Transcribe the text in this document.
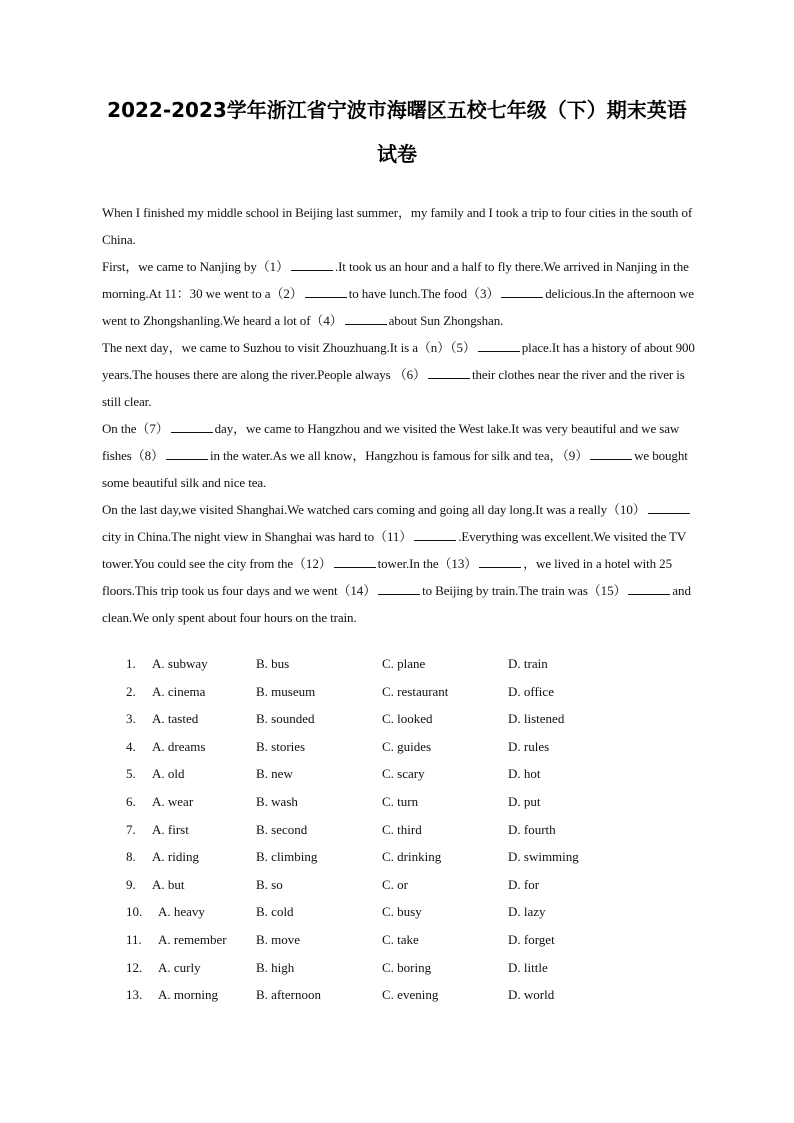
2022-2023学年浙江省宁波市海曙区五校七年级（下）期末英语
试卷

When I finished my middle school in Beijing last summer，my family and I took a trip to four cities in the south of China.

First，we came to Nanjing by（1）	.It took us an hour and a half to fly there.We arrived in Nanjing in the morning.At 11：30 we went to a（2）	to have lunch.The food（3）	delicious.In the afternoon we went to Zhongshanling.We heard a lot of（4）	about Sun Zhongshan.

The next day，we came to Suzhou to visit Zhouzhuang.It is a（n）（5）	place.It has a history of about 900 years.The houses there are along the river.People always （6）	their clothes near the river and the river is still clear.

On the（7）	day，we came to Hangzhou and we visited the West lake.It was very beautiful and we saw fishes（8）	in the water.As we all know，Hangzhou is famous for silk and tea，（9）	we bought some beautiful silk and nice tea.

On the last day,we visited Shanghai.We watched cars coming and going all day long.It was a really（10）city in China.The night view in Shanghai was hard to（11）	.Everything was excellent.We visited the TV tower.You could see the city from the（12）	tower.In the（13）	，we lived in a hotel with 25 floors.This trip took us four days and we went（14）	to Beijing by train.The train was（15）	and clean.We only spent about four hours on the train.

1. A. subway	B. bus	C. plane	D. train
2. A. cinema	B. museum	C. restaurant	D. office
3. A. tasted	B. sounded	C. looked	D. listened
4. A. dreams	B. stories	C. guides	D. rules
5. A. old	B. new	C. scary	D. hot
6. A. wear	B. wash	C. turn	D. put
7. A. first	B. second	C. third	D. fourth
8. A. riding	B. climbing	C. drinking	D. swimming
9. A. but	B. so	C. or	D. for
10. A. heavy	B. cold	C. busy	D. lazy
11. A. remember B. move	C. take	D. forget
12. A. curly	B. high	C. boring	D. little
13. A. morning	B. afternoon	C. evening	D. world
